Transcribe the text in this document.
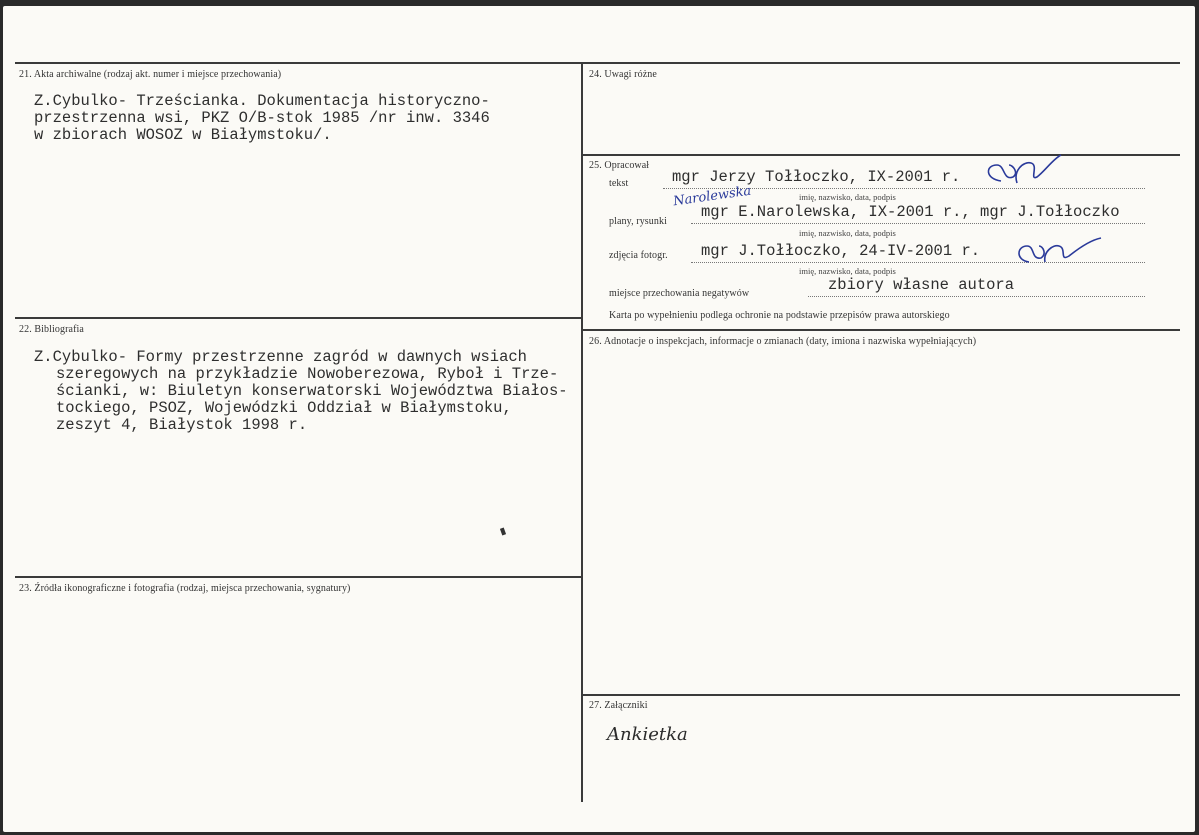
21. Akta archiwalne (rodzaj akt. numer i miejsce przechowania)
Z.Cybulko- Trześcianka. Dokumentacja historyczno-
przestrzenna wsi, PKZ O/B-stok 1985 /nr inw. 3346
w zbiorach WOSOZ w Białymstoku/.
22. Bibliografia
Z.Cybulko- Formy przestrzenne zagród w dawnych wsiach
szeregowych na przykładzie Nowoberezowa, Ryboł i Trze-
ścianki, w: Biuletyn konserwatorski Województwa Białos-
tockiego, PSOZ, Wojewódzki Oddział w Białymstoku,
zeszyt 4, Białystok 1998 r.
23. Źródła ikonograficzne i fotografia (rodzaj, miejsca przechowania, sygnatury)
24. Uwagi różne
25. Opracował
tekst	mgr Jerzy Tołłoczko, IX-2001 r.
imię, nazwisko, data, podpis
Narolewska
plany, rysunki
mgr E.Narolewska, IX-2001 r., mgr J.Tołłoczko
imię, nazwisko, data, podpis
zdjęcia fotogr. mgr J.Tołłoczko, 24-IV-2001 r.
imię, nazwisko, data, podpis
miejsce przechowania negatywów	zbiory własne autora
Karta po wypełnieniu podlega ochronie na podstawie przepisów prawa autorskiego
26. Adnotacje o inspekcjach, informacje o zmianach (daty, imiona i nazwiska wypełniających)
27. Załączniki
Ankietka
